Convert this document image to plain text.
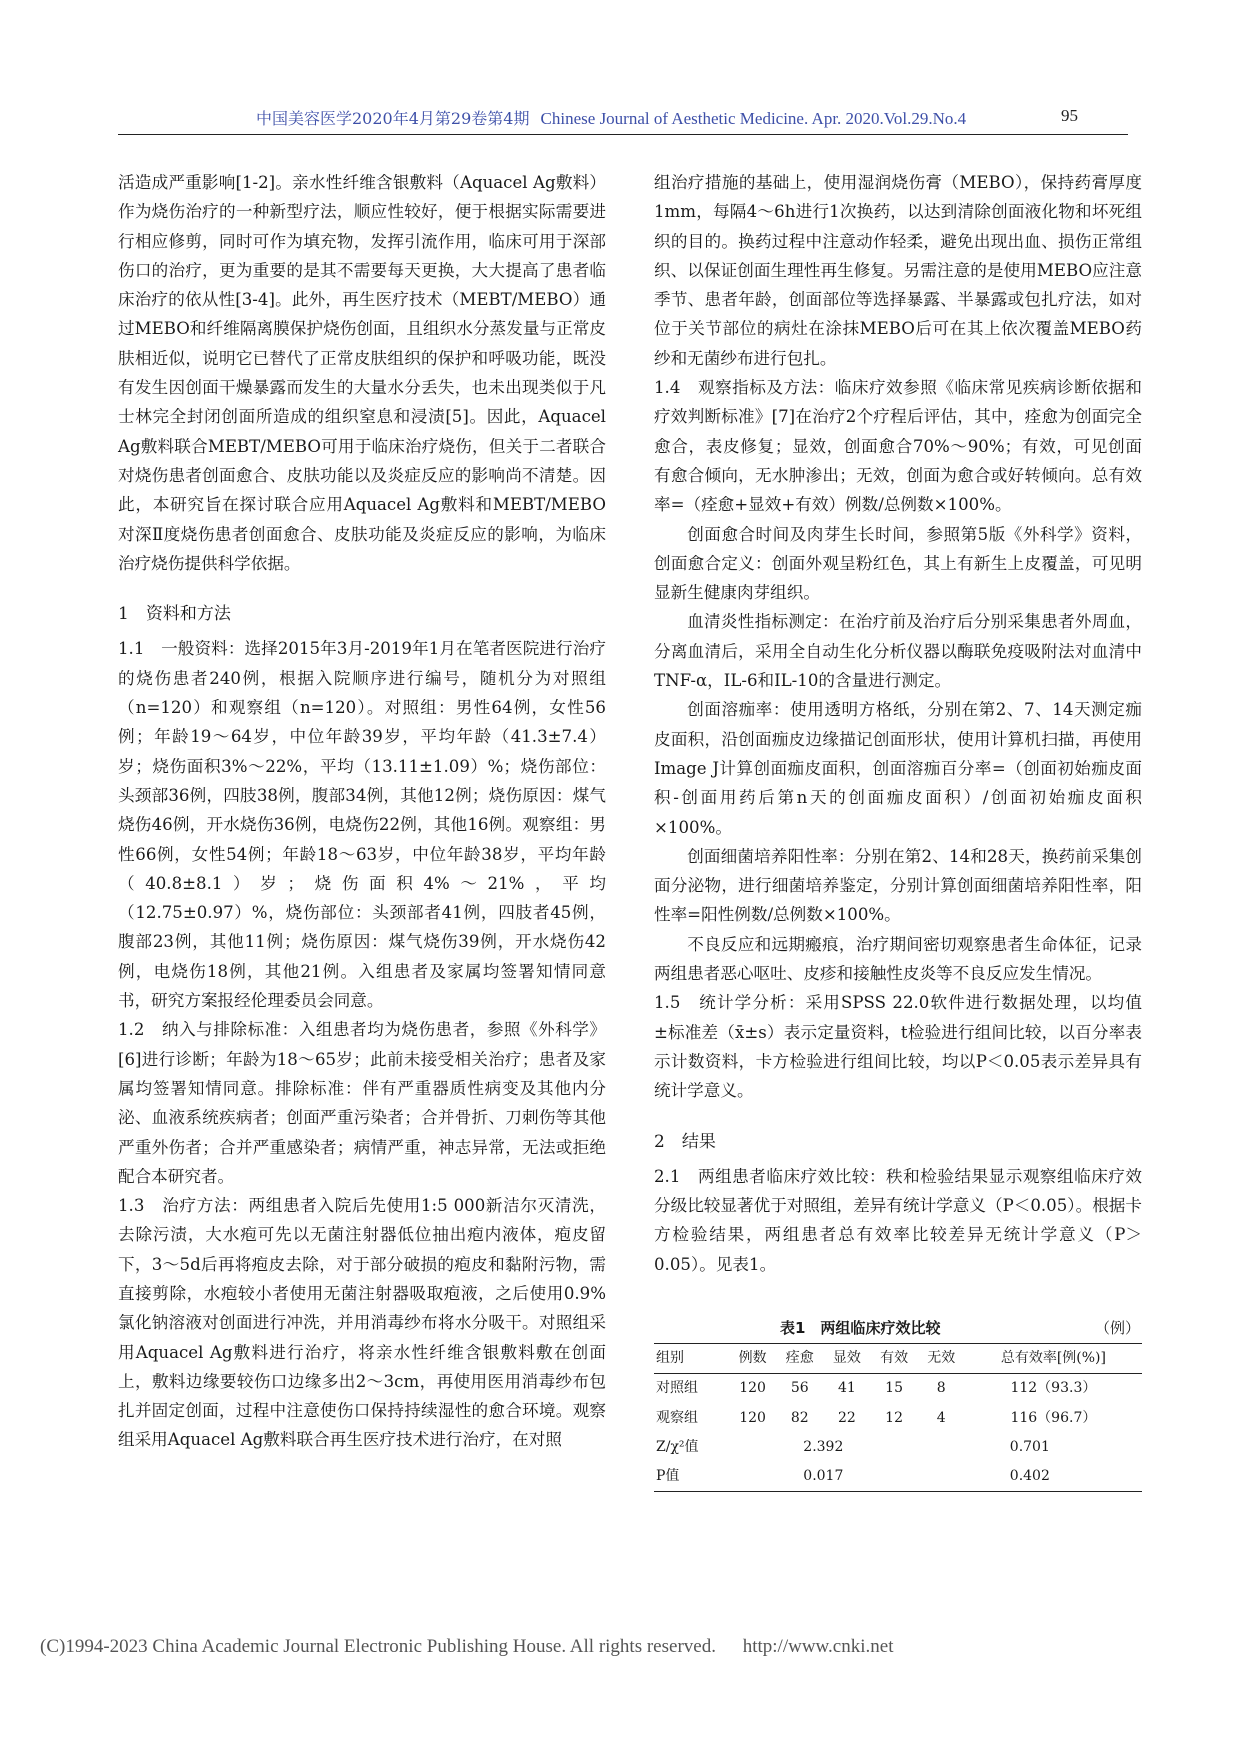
中国美容医学2020年4月第29卷第4期 Chinese Journal of Aesthetic Medicine. Apr. 2020.Vol.29.No.4	95

活造成严重影响[1-2]。亲水性纤维含银敷料（Aquacel Ag敷料）作为烧伤治疗的一种新型疗法，顺应性较好，便于根据实际需要进行相应修剪，同时可作为填充物，发挥引流作用，临床可用于深部伤口的治疗，更为重要的是其不需要每天更换，大大提高了患者临床治疗的依从性[3-4]。此外，再生医疗技术（MEBT/MEBO）通过MEBO和纤维隔离膜保护烧伤创面，且组织水分蒸发量与正常皮肤相近似，说明它已替代了正常皮肤组织的保护和呼吸功能，既没有发生因创面干燥暴露而发生的大量水分丢失，也未出现类似于凡士林完全封闭创面所造成的组织窒息和浸渍[5]。因此，Aquacel Ag敷料联合MEBT/MEBO可用于临床治疗烧伤，但关于二者联合对烧伤患者创面愈合、皮肤功能以及炎症反应的影响尚不清楚。因此，本研究旨在探讨联合应用Aquacel Ag敷料和MEBT/MEBO对深Ⅱ度烧伤患者创面愈合、皮肤功能及炎症反应的影响，为临床治疗烧伤提供科学依据。

1　资料和方法

1.1　一般资料：选择2015年3月-2019年1月在笔者医院进行治疗的烧伤患者240例，根据入院顺序进行编号，随机分为对照组（n=120）和观察组（n=120）。对照组：男性64例，女性56例；年龄19～64岁，中位年龄39岁，平均年龄（41.3±7.4）岁；烧伤面积3%～22%，平均（13.11±1.09）%；烧伤部位：头颈部36例，四肢38例，腹部34例，其他12例；烧伤原因：煤气烧伤46例，开水烧伤36例，电烧伤22例，其他16例。观察组：男性66例，女性54例；年龄18～63岁，中位年龄38岁，平均年龄（40.8±8.1）岁；烧伤面积4%～21%，平均（12.75±0.97）%，烧伤部位：头颈部者41例，四肢者45例，腹部23例，其他11例；烧伤原因：煤气烧伤39例，开水烧伤42例，电烧伤18例，其他21例。入组患者及家属均签署知情同意书，研究方案报经伦理委员会同意。

1.2　纳入与排除标准：入组患者均为烧伤患者，参照《外科学》[6]进行诊断；年龄为18～65岁；此前未接受相关治疗；患者及家属均签署知情同意。排除标准：伴有严重器质性病变及其他内分泌、血液系统疾病者；创面严重污染者；合并骨折、刀刺伤等其他严重外伤者；合并严重感染者；病情严重，神志异常，无法或拒绝配合本研究者。

1.3　治疗方法：两组患者入院后先使用1:5 000新洁尔灭清洗，去除污渍，大水疱可先以无菌注射器低位抽出疱内液体，疱皮留下，3～5d后再将疱皮去除，对于部分破损的疱皮和黏附污物，需直接剪除，水疱较小者使用无菌注射器吸取疱液，之后使用0.9%氯化钠溶液对创面进行冲洗，并用消毒纱布将水分吸干。对照组采用Aquacel Ag敷料进行治疗，将亲水性纤维含银敷料敷在创面上，敷料边缘要较伤口边缘多出2～3cm，再使用医用消毒纱布包扎并固定创面，过程中注意使伤口保持持续湿性的愈合环境。观察组采用Aquacel Ag敷料联合再生医疗技术进行治疗，在对照

组治疗措施的基础上，使用湿润烧伤膏（MEBO），保持药膏厚度1mm，每隔4～6h进行1次换药，以达到清除创面液化物和坏死组织的目的。换药过程中注意动作轻柔，避免出现出血、损伤正常组织、以保证创面生理性再生修复。另需注意的是使用MEBO应注意季节、患者年龄，创面部位等选择暴露、半暴露或包扎疗法，如对位于关节部位的病灶在涂抹MEBO后可在其上依次覆盖MEBO药纱和无菌纱布进行包扎。

1.4　观察指标及方法：临床疗效参照《临床常见疾病诊断依据和疗效判断标准》[7]在治疗2个疗程后评估，其中，痊愈为创面完全愈合，表皮修复；显效，创面愈合70%～90%；有效，可见创面有愈合倾向，无水肿渗出；无效，创面为愈合或好转倾向。总有效率=（痊愈+显效+有效）例数/总例数×100%。

创面愈合时间及肉芽生长时间，参照第5版《外科学》资料，创面愈合定义：创面外观呈粉红色，其上有新生上皮覆盖，可见明显新生健康肉芽组织。

血清炎性指标测定：在治疗前及治疗后分别采集患者外周血，分离血清后，采用全自动生化分析仪器以酶联免疫吸附法对血清中TNF-α，IL-6和IL-10的含量进行测定。

创面溶痂率：使用透明方格纸，分别在第2、7、14天测定痂皮面积，沿创面痂皮边缘描记创面形状，使用计算机扫描，再使用Image J计算创面痂皮面积，创面溶痂百分率=（创面初始痂皮面积-创面用药后第n天的创面痂皮面积）/创面初始痂皮面积×100%。

创面细菌培养阳性率：分别在第2、14和28天，换药前采集创面分泌物，进行细菌培养鉴定，分别计算创面细菌培养阳性率，阳性率=阳性例数/总例数×100%。

不良反应和远期瘢痕，治疗期间密切观察患者生命体征，记录两组患者恶心呕吐、皮疹和接触性皮炎等不良反应发生情况。

1.5　统计学分析：采用SPSS 22.0软件进行数据处理，以均值±标准差（x̄±s）表示定量资料，t检验进行组间比较，以百分率表示计数资料，卡方检验进行组间比较，均以P＜0.05表示差异具有统计学意义。

2　结果

2.1　两组患者临床疗效比较：秩和检验结果显示观察组临床疗效分级比较显著优于对照组，差异有统计学意义（P＜0.05）。根据卡方检验结果，两组患者总有效率比较差异无统计学意义（P＞0.05）。见表1。

表1　两组临床疗效比较	（例）
组别	例数	痊愈	显效	有效	无效	总有效率[例(%)]
对照组	120	56	41	15	8	112（93.3）
观察组	120	82	22	12	4	116（96.7）
Z/χ²值	2.392				0.701	
P值	0.017				0.402	
(C)1994-2023 China Academic Journal Electronic Publishing House. All rights reserved. http://www.cnki.net
